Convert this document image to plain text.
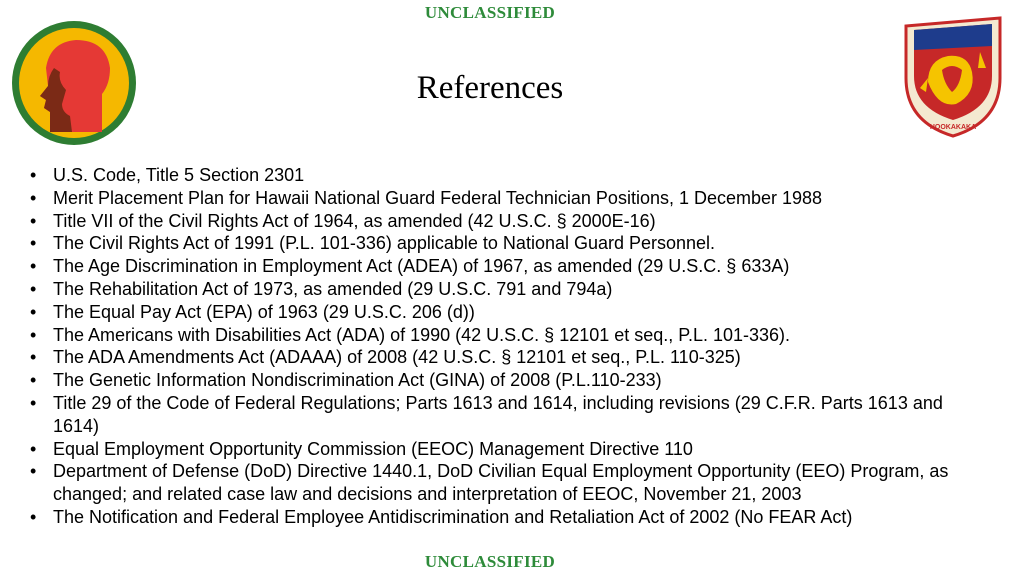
UNCLASSIFIED
HOOKAKAKA
References
• U.S. Code, Title 5 Section 2301
• Merit Placement Plan for Hawaii National Guard Federal Technician Positions, 1 December 1988
• Title VII of the Civil Rights Act of 1964, as amended (42 U.S.C. § 2000E-16)
• The Civil Rights Act of 1991 (P.L. 101-336) applicable to National Guard Personnel.
• The Age Discrimination in Employment Act (ADEA) of 1967, as amended (29 U.S.C. § 633A)
• The Rehabilitation Act of 1973, as amended (29 U.S.C. 791 and 794a)
• The Equal Pay Act (EPA) of 1963 (29 U.S.C. 206 (d))
• The Americans with Disabilities Act (ADA) of 1990 (42 U.S.C. § 12101 et seq., P.L. 101-336).
• The ADA Amendments Act (ADAAA) of 2008 (42 U.S.C. § 12101 et seq., P.L. 110-325)
• The Genetic Information Nondiscrimination Act (GINA) of 2008 (P.L.110-233)
• Title 29 of the Code of Federal Regulations; Parts 1613 and 1614, including revisions (29 C.F.R. Parts 1613 and 1614)
• Equal Employment Opportunity Commission (EEOC) Management Directive 110
• Department of Defense (DoD) Directive 1440.1, DoD Civilian Equal Employment Opportunity (EEO) Program, as changed; and related case law and decisions and interpretation of EEOC, November 21, 2003
• The Notification and Federal Employee Antidiscrimination and Retaliation Act of 2002 (No FEAR Act)
UNCLASSIFIED
